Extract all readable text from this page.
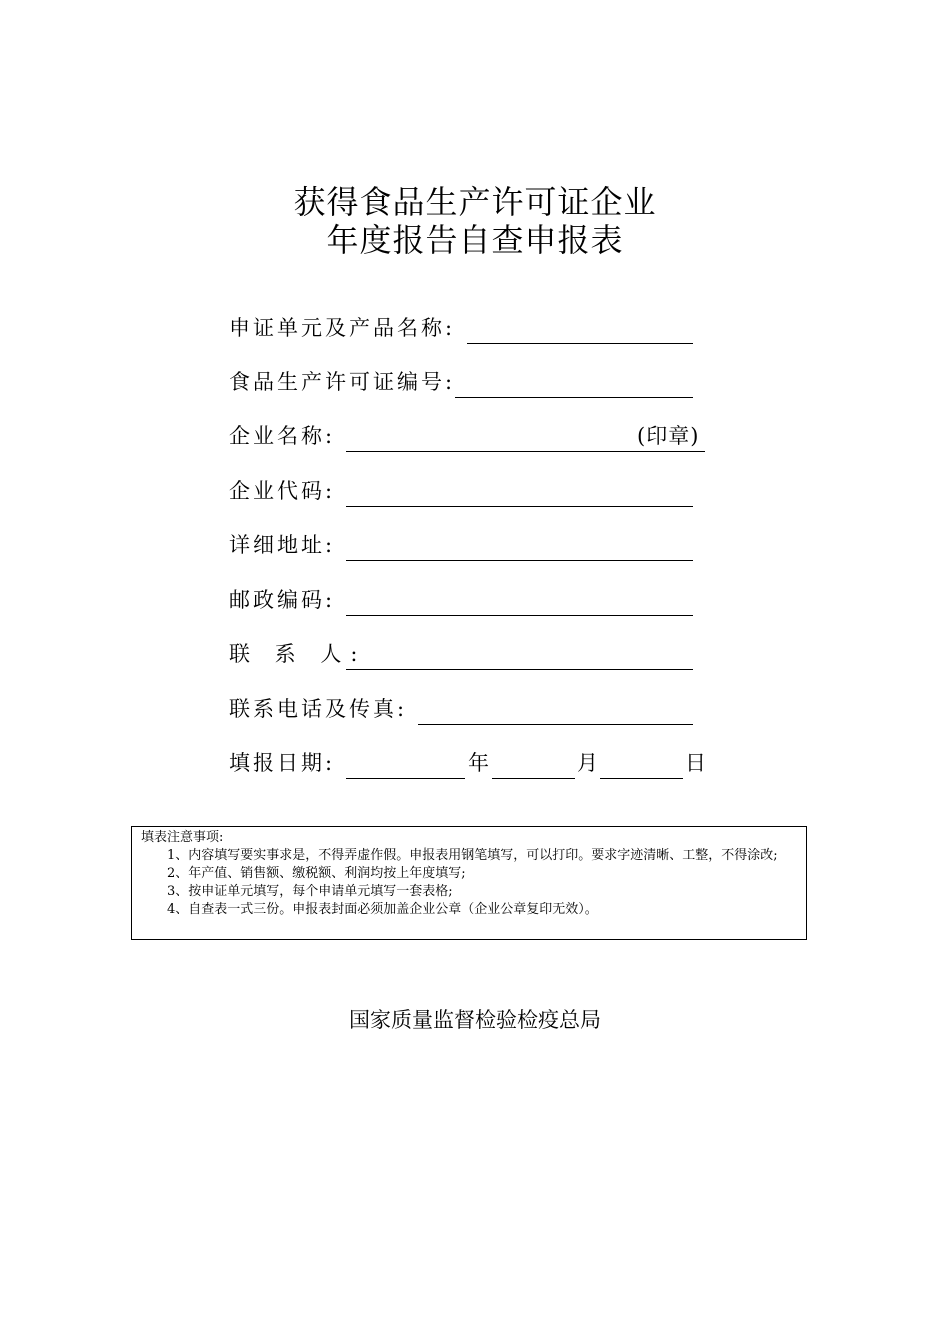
获得食品生产许可证企业
年度报告自查申报表
申证单元及产品名称:
食品生产许可证编号:
企业名称:	(印章)
企业代码:
详细地址:
邮政编码:
联 系 人:
联系电话及传真:
填报日期:	年	月	日
填表注意事项:
1、内容填写要实事求是，不得弄虚作假。申报表用钢笔填写，可以打印。要求字迹清晰、工整，不得涂改;
2、年产值、销售额、缴税额、利润均按上年度填写;
3、按申证单元填写，每个申请单元填写一套表格;
4、自查表一式三份。申报表封面必须加盖企业公章（企业公章复印无效）。
国家质量监督检验检疫总局
